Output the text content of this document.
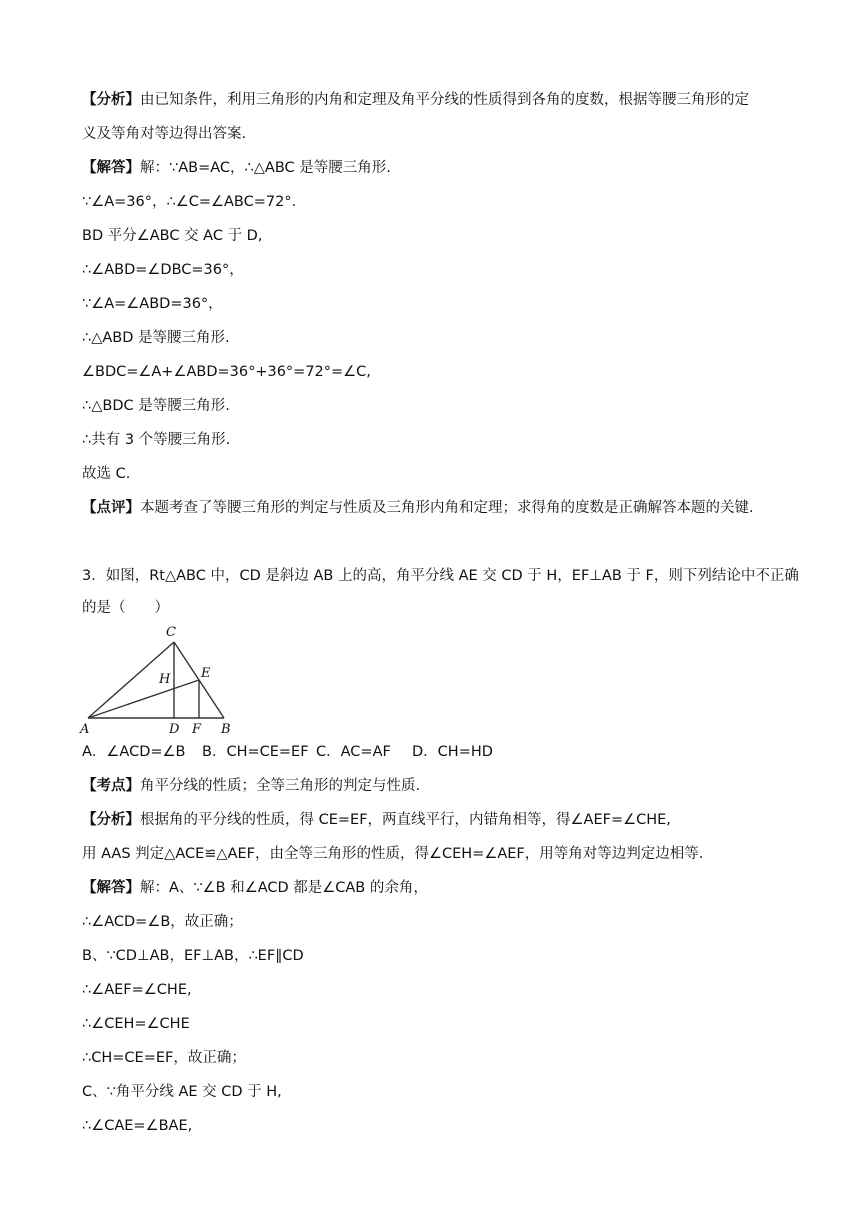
【分析】由已知条件，利用三角形的内角和定理及角平分线的性质得到各角的度数，根据等腰三角形的定
义及等角对等边得出答案.
【解答】解：∵AB=AC，∴△ABC 是等腰三角形.
∵∠A=36°，∴∠C=∠ABC=72°.
BD 平分∠ABC 交 AC 于 D,
∴∠ABD=∠DBC=36°，
∵∠A=∠ABD=36°，
∴△ABD 是等腰三角形.
∠BDC=∠A+∠ABD=36°+36°=72°=∠C,
∴△BDC 是等腰三角形.
∴共有 3 个等腰三角形.
故选 C.
【点评】本题考查了等腰三角形的判定与性质及三角形内角和定理；求得角的度数是正确解答本题的关键.
3．如图，Rt△ABC 中，CD 是斜边 AB 上的高，角平分线 AE 交 CD 于 H，EF⊥AB 于 F，则下列结论中不正确
的是（　　）
C
H E
A	D F B
A．∠ACD=∠B B．CH=CE=EF C．AC=AF D．CH=HD
【考点】角平分线的性质；全等三角形的判定与性质.
【分析】根据角的平分线的性质，得 CE=EF，两直线平行，内错角相等，得∠AEF=∠CHE,
用 AAS 判定△ACE≌△AEF，由全等三角形的性质，得∠CEH=∠AEF，用等角对等边判定边相等.
【解答】解：A、∵∠B 和∠ACD 都是∠CAB 的余角，
∴∠ACD=∠B，故正确；
B、∵CD⊥AB，EF⊥AB，∴EF∥CD
∴∠AEF=∠CHE,
∴∠CEH=∠CHE
∴CH=CE=EF，故正确；
C、∵角平分线 AE 交 CD 于 H,
∴∠CAE=∠BAE,
